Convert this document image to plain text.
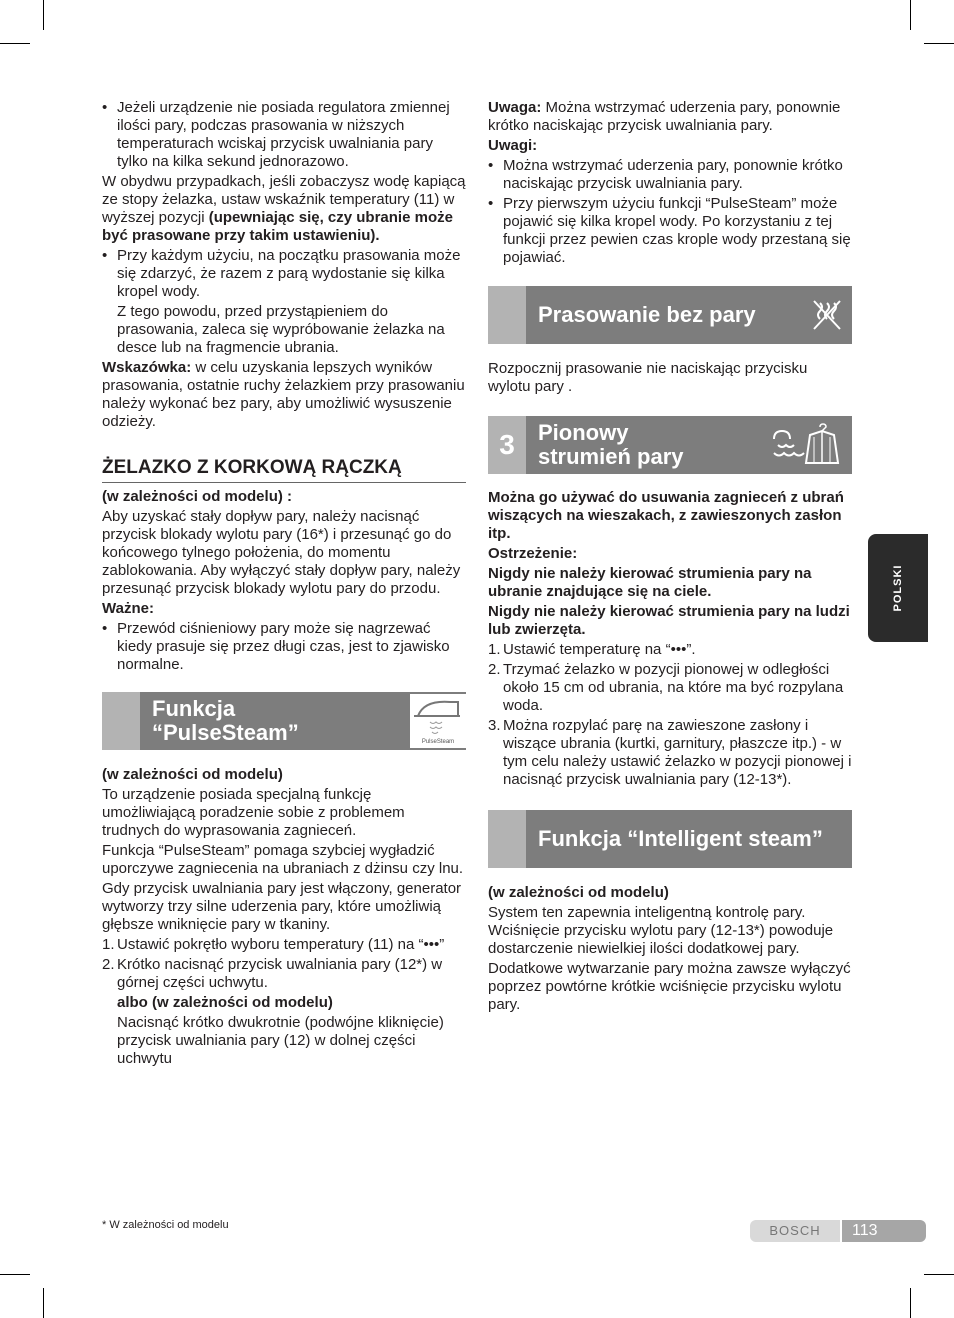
• Jeżeli urządzenie nie posiada regulatora zmiennej ilości pary, podczas prasowania w niższych temperaturach wciskaj przycisk uwalniania pary tylko na kilka sekund jednorazowo.

W obydwu przypadkach, jeśli zobaczysz wodę kapiącą ze stopy żelazka, ustaw wskaźnik temperatury (11) w wyższej pozycji (upewniając się, czy ubranie może być prasowane przy takim ustawieniu).

• Przy każdym użyciu, na początku prasowania może się zdarzyć, że razem z parą wydostanie się kilka kropel wody.

Z tego powodu, przed przystąpieniem do prasowania, zaleca się wypróbowanie żelazka na desce lub na fragmencie ubrania.

Wskazówka: w celu uzyskania lepszych wyników prasowania, ostatnie ruchy żelazkiem przy prasowaniu należy wykonać bez pary, aby umożliwić wysuszenie odzieży.

ŻELAZKO Z KORKOWĄ RĄCZKĄ

(w zależności od modelu) :

Aby uzyskać stały dopływ pary, należy nacisnąć przycisk blokady wylotu pary (16*) i przesunąć go do końcowego tylnego położenia, do momentu zablokowania. Aby wyłączyć stały dopływ pary, należy przesunąć przycisk blokady wylotu pary do przodu.

Ważne:

• Przewód ciśnieniowy pary może się nagrzewać kiedy prasuje się przez długi czas, jest to zjawisko normalne.
Funkcja
“PulseSteam”	PulseSteam

(w zależności od modelu)

To urządzenie posiada specjalną funkcję umożliwiającą poradzenie sobie z problemem trudnych do wyprasowania zagnieceń.

Funkcja “PulseSteam” pomaga szybciej wygładzić uporczywe zagniecenia na ubraniach z dżinsu czy lnu.

Gdy przycisk uwalniania pary jest włączony, generator wytworzy trzy silne uderzenia pary, które umożliwią głębsze wniknięcie pary w tkaniny.

1. Ustawić pokrętło wyboru temperatury (11) na “•••”
2. Krótko nacisnąć przycisk uwalniania pary (12*) w górnej części uchwytu.

albo (w zależności od modelu)

Nacisnąć krótko dwukrotnie (podwójne kliknięcie) przycisk uwalniania pary (12) w dolnej części uchwytu

Uwaga: Można wstrzymać uderzenia pary, ponownie krótko naciskając przycisk uwalniania pary.

Uwagi:

• Można wstrzymać uderzenia pary, ponownie krótko naciskając przycisk uwalniania pary.
• Przy pierwszym użyciu funkcji “PulseSteam” może pojawić się kilka kropel wody. Po korzystaniu z tej funkcji przez pewien czas krople wody przestaną się pojawiać.
Prasowanie bez pary

Rozpocznij prasowanie nie naciskając przycisku wylotu pary .

3	Pionowy
strumień pary

Można go używać do usuwania zagnieceń z ubrań wiszących na wieszakach, z zawieszonych zasłon itp.

Ostrzeżenie:

Nigdy nie należy kierować strumienia pary na ubranie znajdujące się na ciele.

Nigdy nie należy kierować strumienia pary na ludzi lub zwierzęta.

1. Ustawić temperaturę na “•••”.
2. Trzymać żelazko w pozycji pionowej w odległości około 15 cm od ubrania, na które ma być rozpylana woda.
3. Można rozpylać parę na zawieszone zasłony i wiszące ubrania (kurtki, garnitury, płaszcze itp.) - w tym celu należy ustawić żelazko w pozycji pionowej i nacisnąć przycisk uwalniania pary (12-13*).
Funkcja “Intelligent steam”

(w zależności od modelu)

System ten zapewnia inteligentną kontrolę pary. Wciśnięcie przycisku wylotu pary (12-13*) powoduje dostarczenie niewielkiej ilości dodatkowej pary.

Dodatkowe wytwarzanie pary można zawsze wyłączyć poprzez powtórne krótkie wciśnięcie przycisku wylotu pary.

POLSKI
* W zależności od modelu	BOSCH	113
